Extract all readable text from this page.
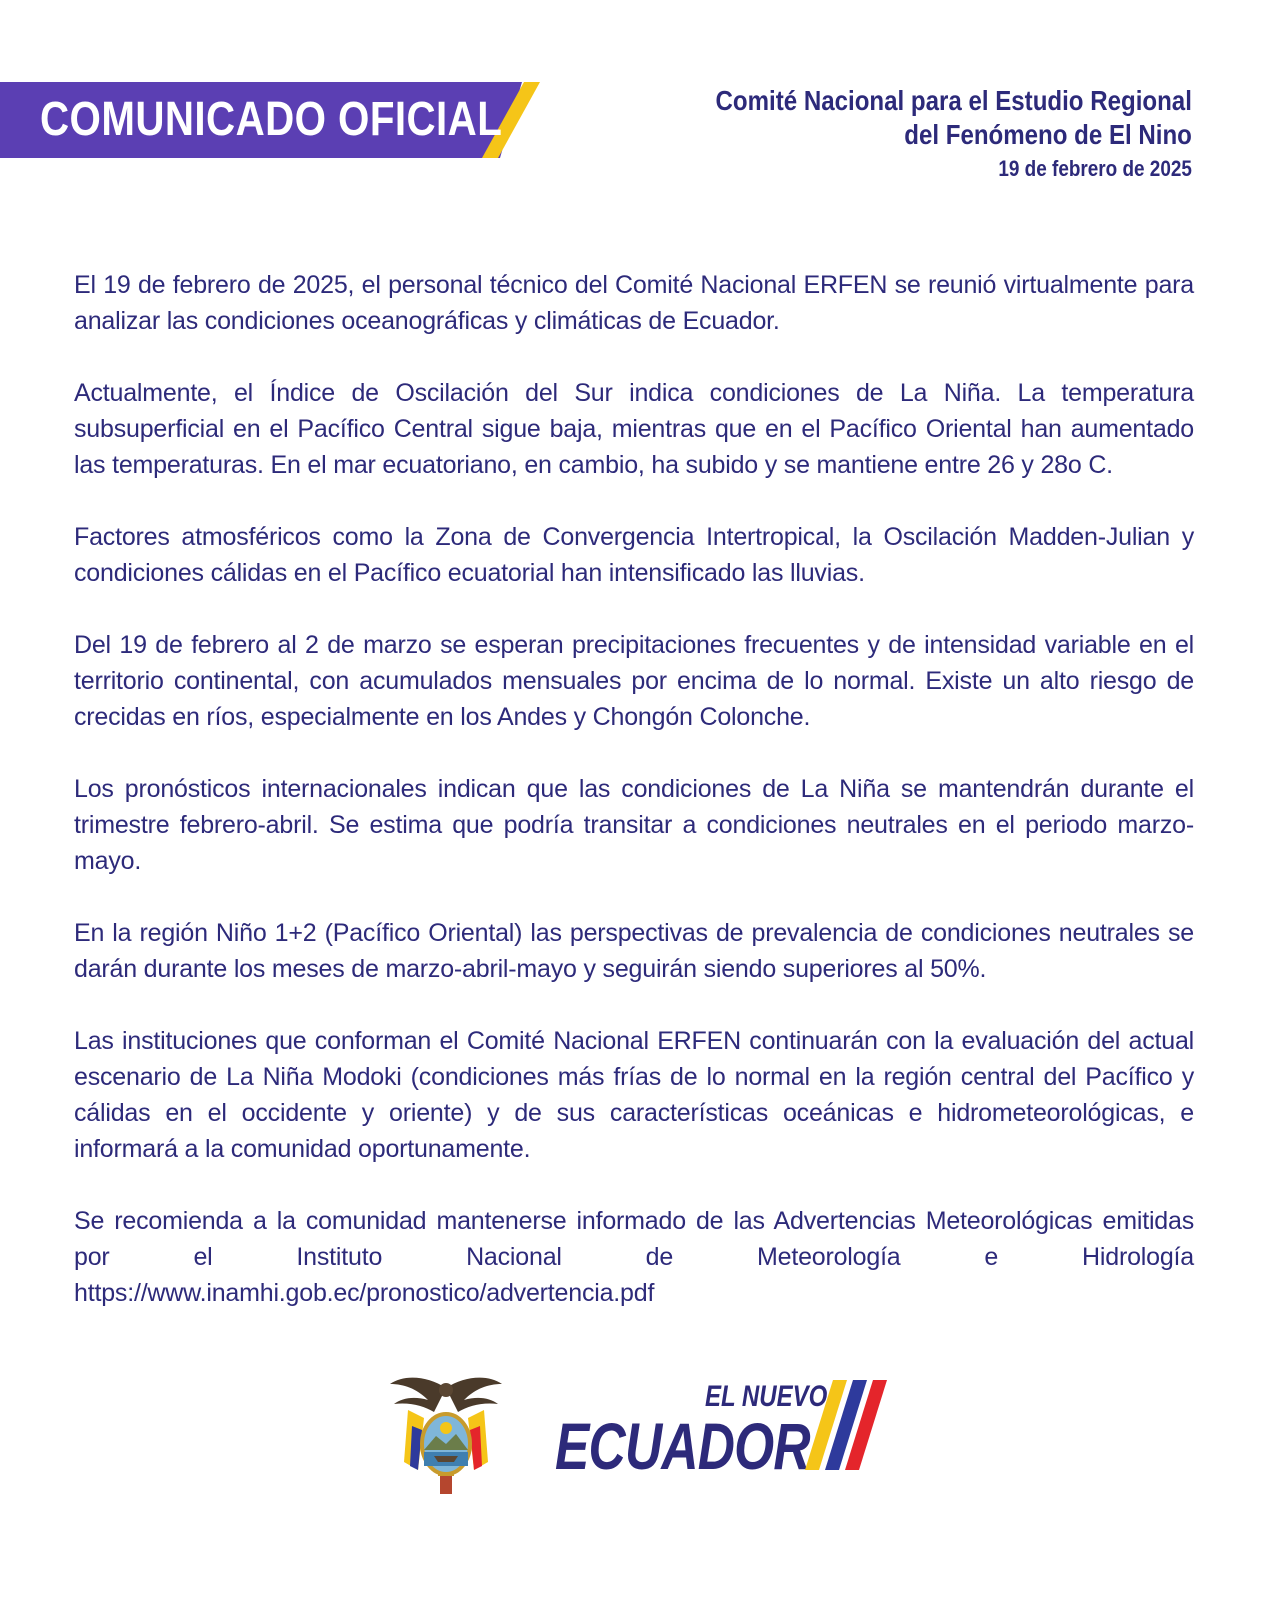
COMUNICADO OFICIAL	Comité Nacional para el Estudio Regional
del Fenómeno de El Nino
19 de febrero de 2025

El 19 de febrero de 2025, el personal técnico del Comité Nacional ERFEN se reunió virtualmente para analizar las condiciones oceanográficas y climáticas de Ecuador.

Actualmente, el Índice de Oscilación del Sur indica condiciones de La Niña. La temperatura subsuperficial en el Pacífico Central sigue baja, mientras que en el Pacífico Oriental han aumentado las temperaturas. En el mar ecuatoriano, en cambio, ha subido y se mantiene entre 26 y 28o C.

Factores atmosféricos como la Zona de Convergencia Intertropical, la Oscilación Madden-Julian y condiciones cálidas en el Pacífico ecuatorial han intensificado las lluvias.

Del 19 de febrero al 2 de marzo se esperan precipitaciones frecuentes y de intensidad variable en el territorio continental, con acumulados mensuales por encima de lo normal. Existe un alto riesgo de crecidas en ríos, especialmente en los Andes y Chongón Colonche.

Los pronósticos internacionales indican que las condiciones de La Niña se mantendrán durante el trimestre febrero-abril. Se estima que podría transitar a condiciones neutrales en el periodo marzo-mayo.

En la región Niño 1+2 (Pacífico Oriental) las perspectivas de prevalencia de condiciones neutrales se darán durante los meses de marzo-abril-mayo y seguirán siendo superiores al 50%.

Las instituciones que conforman el Comité Nacional ERFEN continuarán con la evaluación del actual escenario de La Niña Modoki (condiciones más frías de lo normal en la región central del Pacífico y cálidas en el occidente y oriente) y de sus características oceánicas e hidrometeorológicas, e informará a la comunidad oportunamente.

Se recomienda a la comunidad mantenerse informado de las Advertencias Meteorológicas emitidas por el Instituto Nacional de Meteorología e Hidrología https://www.inamhi.gob.ec/pronostico/advertencia.pdf

EL NUEVO
ECUADOR
